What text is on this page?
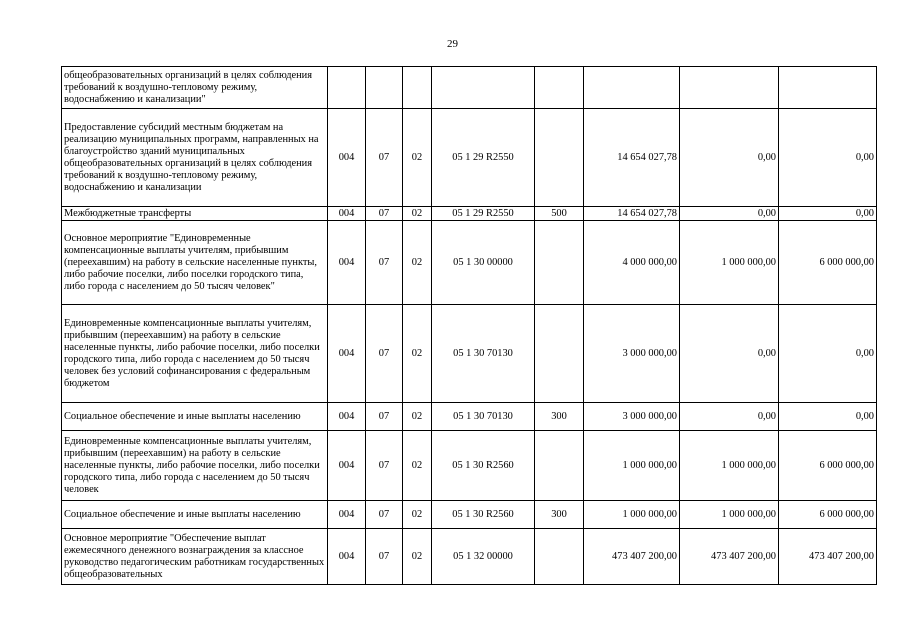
29
общеобразовательных организаций в целях соблюдения требований к воздушно-тепловому режиму, водоснабжению и канализации"								
Предоставление субсидий местным бюджетам на реализацию муниципальных программ, направленных на благоустройство зданий муниципальных общеобразовательных организаций в целях соблюдения требований к воздушно-тепловому режиму, водоснабжению и канализации	004	07	02	05 1 29 R2550		14 654 027,78	0,00	0,00
Межбюджетные трансферты	004	07	02	05 1 29 R2550	500	14 654 027,78	0,00	0,00
Основное мероприятие "Единовременные компенсационные выплаты учителям, прибывшим (переехавшим) на работу в сельские населенные пункты, либо рабочие поселки, либо поселки городского типа, либо города с населением до 50 тысяч человек"	004	07	02	05 1 30 00000		4 000 000,00	1 000 000,00	6 000 000,00
Единовременные компенсационные выплаты учителям, прибывшим (переехавшим) на работу в сельские населенные пункты, либо рабочие поселки, либо поселки городского типа, либо города с населением до 50 тысяч человек без условий софинансирования с федеральным бюджетом	004	07	02	05 1 30 70130		3 000 000,00	0,00	0,00
Социальное обеспечение и иные выплаты населению	004	07	02	05 1 30 70130	300	3 000 000,00	0,00	0,00
Единовременные компенсационные выплаты учителям, прибывшим (переехавшим) на работу в сельские населенные пункты, либо рабочие поселки, либо поселки городского типа, либо города с населением до 50 тысяч человек	004	07	02	05 1 30 R2560		1 000 000,00	1 000 000,00	6 000 000,00
Социальное обеспечение и иные выплаты населению	004	07	02	05 1 30 R2560	300	1 000 000,00	1 000 000,00	6 000 000,00
Основное мероприятие "Обеспечение выплат ежемесячного денежного вознаграждения за классное руководство педагогическим работникам государственных общеобразовательных	004	07	02	05 1 32 00000		473 407 200,00	473 407 200,00	473 407 200,00
